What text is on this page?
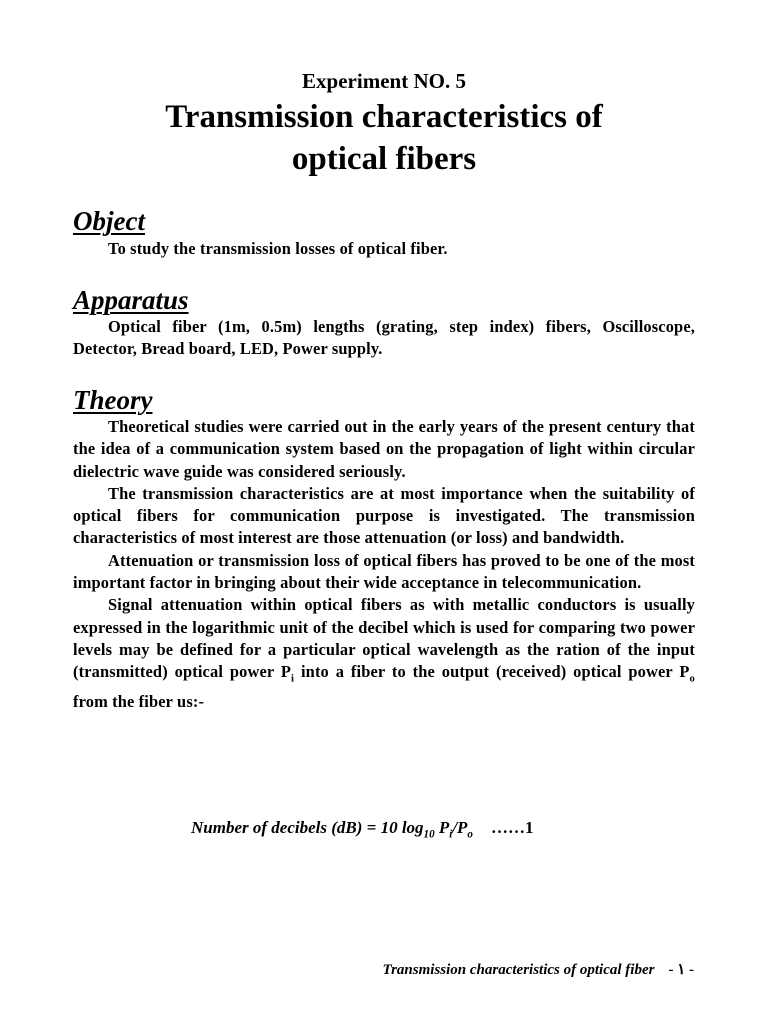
Experiment NO. 5
Transmission characteristics of
optical fibers
Object

To study the transmission losses of optical fiber.

Apparatus

Optical fiber (1m, 0.5m) lengths (grating, step index) fibers, Oscilloscope, Detector, Bread board, LED, Power supply.

Theory

Theoretical studies were carried out in the early years of the present century that the idea of a communication system based on the propagation of light within circular dielectric wave guide was considered seriously.

The transmission characteristics are at most importance when the suitability of optical fibers for communication purpose is investigated. The transmission characteristics of most interest are those attenuation (or loss) and bandwidth.

Attenuation or transmission loss of optical fibers has proved to be one of the most important factor in bringing about their wide acceptance in telecommunication.

Signal attenuation within optical fibers as with metallic conductors is usually expressed in the logarithmic unit of the decibel which is used for comparing two power levels may be defined for a particular optical wavelength as the ration of the input (transmitted) optical power $P_i$ into a fiber to the output (received) optical power $P_o$ from the fiber us:-

Number of decibels (dB) = 10 $\log_{10} P_i/P_o$ ……1
Transmission characteristics of optical fiber - ١ -
